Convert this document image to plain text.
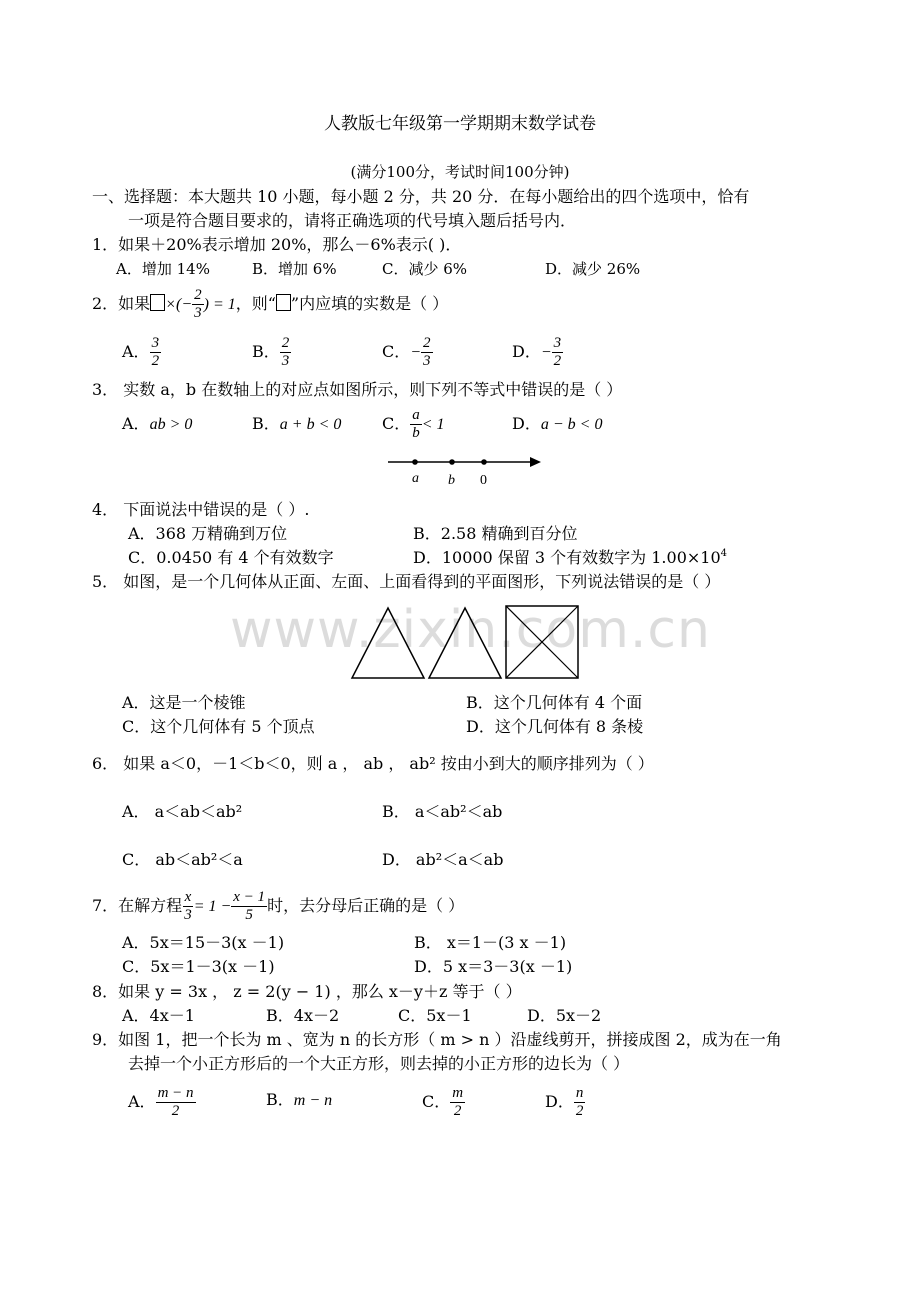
www.zixin.com.cn
人教版七年级第一学期期末数学试卷
(满分100分，考试时间100分钟)
一、选择题：本大题共 10 小题，每小题 2 分，共 20 分．在每小题给出的四个选项中，恰有
一项是符合题目要求的，请将正确选项的代号填入题后括号内．
1．如果＋20%表示增加 20%，那么－6%表示( )．
A．增加 14%	B．增加 6%	C．减少 6%	D．减少 26%
2．如果 ×(− $\frac{2}{3}$ ) = 1，则“ ”内应填的实数是（ ）
A． $\frac{3}{2}$	B． $\frac{2}{3}$	C．− $\frac{2}{3}$	D．− $\frac{3}{2}$
3． 实数 a，b 在数轴上的对应点如图所示，则下列不等式中错误的是（ ）
A．ab > 0	B．a + b < 0	C． $\frac{a}{b} < 1$	D．a − b < 0
a b 0
4． 下面说法中错误的是（ ）.
A．368 万精确到万位	B．2.58 精确到百分位
C．0.0450 有 4 个有效数字	D．10000 保留 3 个有效数字为 $1.00\times 10^4$
5． 如图，是一个几何体从正面、左面、上面看得到的平面图形，下列说法错误的是（ ）
A．这是一个棱锥	B．这个几何体有 4 个面
C．这个几何体有 5 个顶点	D．这个几何体有 8 条棱
6． 如果 a＜0，－1＜b＜0，则 a ， ab ， ab² 按由小到大的顺序排列为（ ）
A． a＜ab＜ab²	B． a＜ab²＜ab
C． ab＜ab²＜a	D． ab²＜a＜ab
7．在解方程 $\frac{x}{3} = 1 - \frac{x - 1}{5}$ 时，去分母后正确的是（ ）
A．5x＝15－3(x －1)	B． x＝1－(3 x －1)
C．5x＝1－3(x －1)	D．5 x＝3－3(x －1)
8．如果 y = 3x ， z = 2(y − 1) ，那么 x－y＋z 等于（ ）
A．4x－1	B．4x－2	C．5x－1	D．5x－2
9．如图 1，把一个长为 m 、宽为 n 的长方形（ m > n ）沿虚线剪开，拼接成图 2，成为在一角
去掉一个小正方形后的一个大正方形，则去掉的小正方形的边长为（ ）
A． $\frac{m - n}{2}$	B．m − n	C． $\frac{m}{2}$	D． $\frac{n}{2}$
